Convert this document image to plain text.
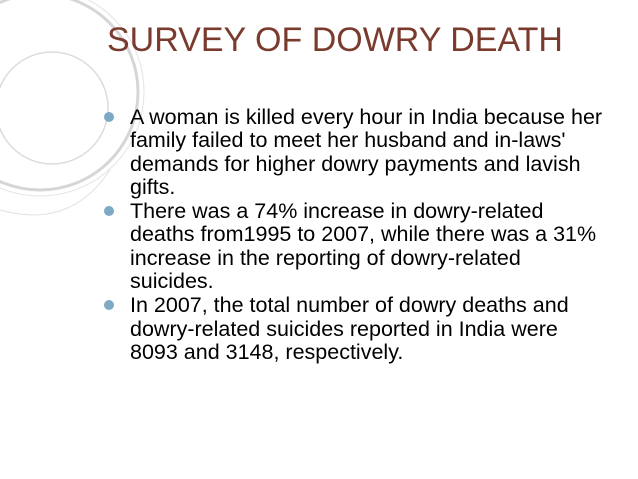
SURVEY OF DOWRY DEATH
A woman is killed every hour in India because her family failed to meet her husband and in-laws' demands for higher dowry payments and lavish gifts.
There was a 74% increase in dowry-related deaths from1995 to 2007, while there was a 31% increase in the reporting of dowry-related suicides.
In 2007, the total number of dowry deaths and dowry-related suicides reported in India were 8093 and 3148, respectively.
